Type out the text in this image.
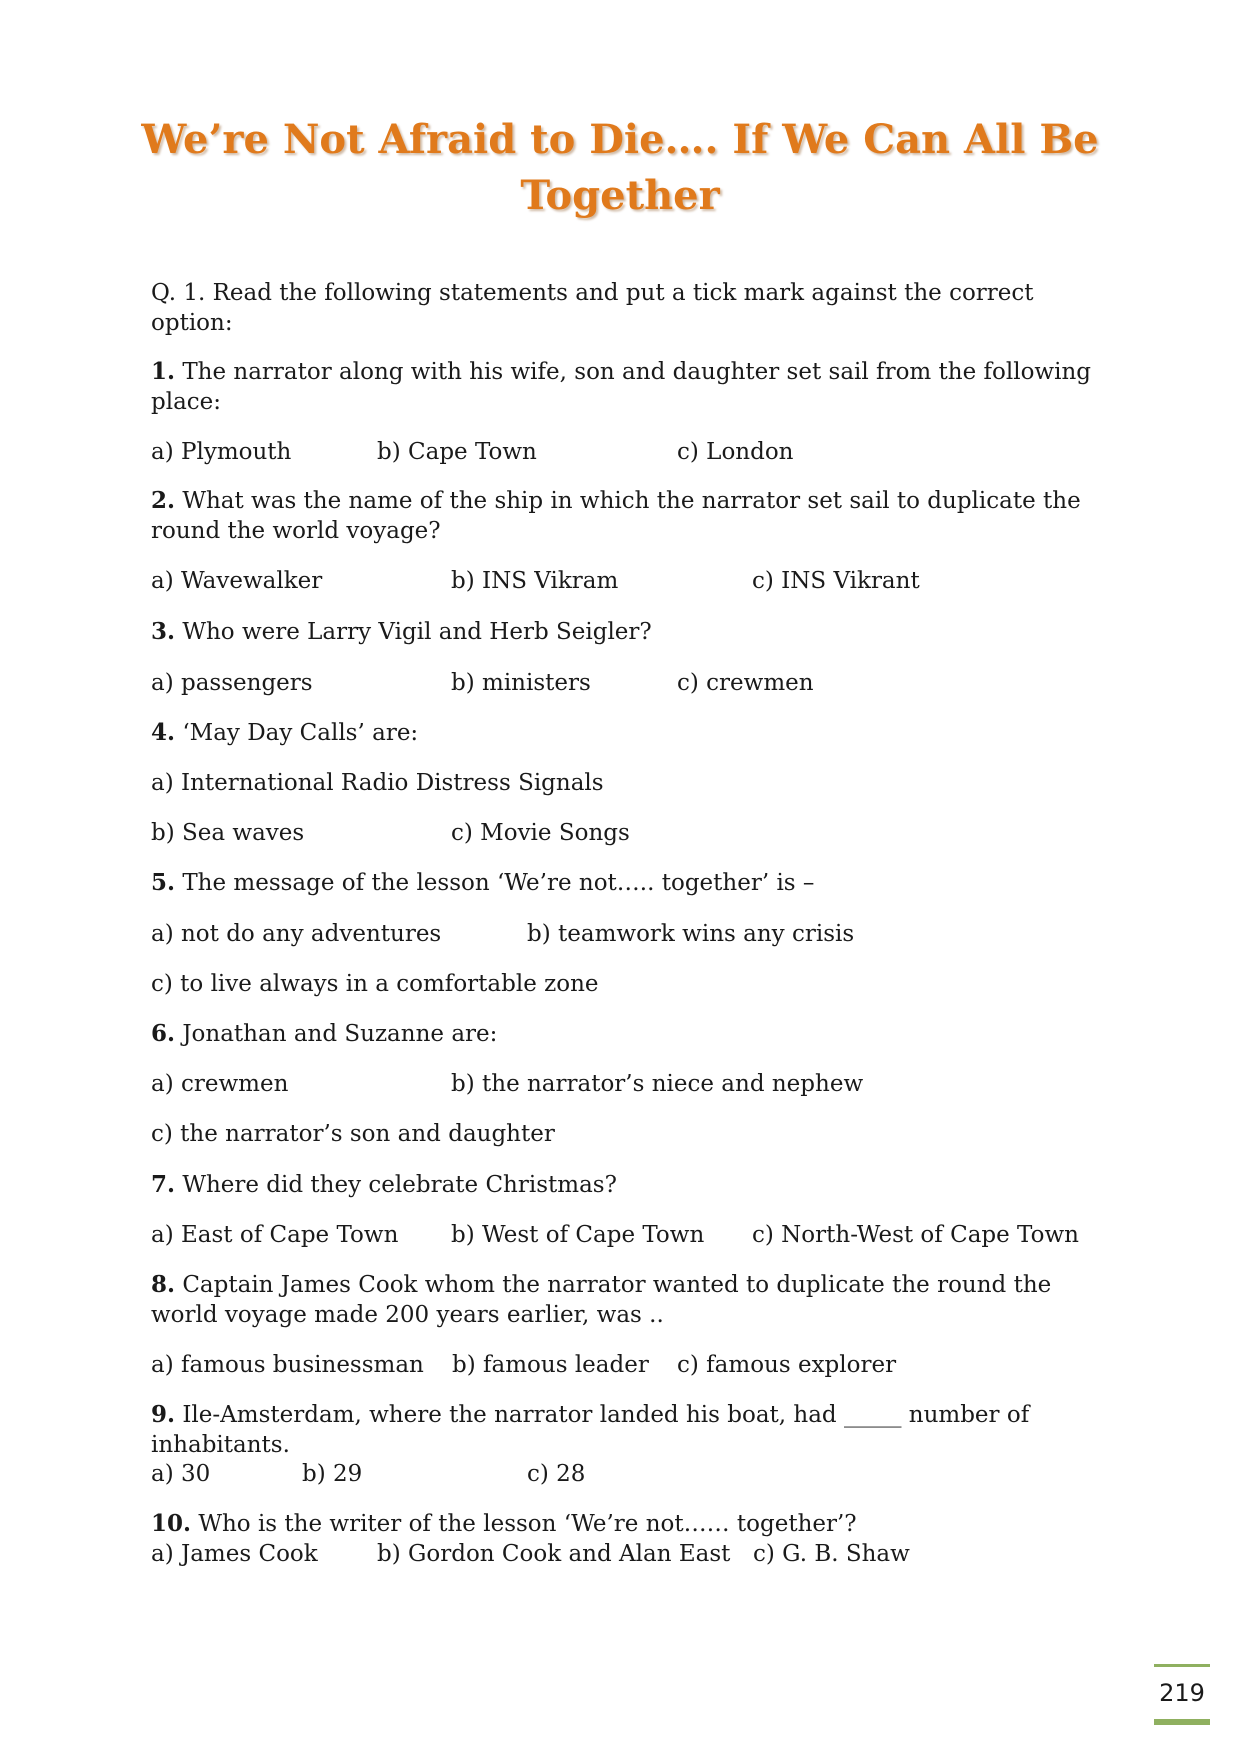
We’re Not Afraid to Die…. If We Can All Be Together
Q. 1. Read the following statements and put a tick mark against the correct option:
1. The narrator along with his wife, son and daughter set sail from the following place:
a) Plymouth	b) Cape Town	c) London
2. What was the name of the ship in which the narrator set sail to duplicate the round the world voyage?
a) Wavewalker	b) INS Vikram	c) INS Vikrant
3. Who were Larry Vigil and Herb Seigler?
a) passengers	b) ministers	c) crewmen
4. ‘May Day Calls’ are:
a) International Radio Distress Signals
b) Sea waves	c) Movie Songs
5. The message of the lesson ‘We’re not….. together’ is –
a) not do any adventures	b) teamwork wins any crisis
c) to live always in a comfortable zone
6. Jonathan and Suzanne are:
a) crewmen	b) the narrator’s niece and nephew
c) the narrator’s son and daughter
7. Where did they celebrate Christmas?
a) East of Cape Town b) West of Cape Town c) North-West of Cape Town
8. Captain James Cook whom the narrator wanted to duplicate the round the world voyage made 200 years earlier, was ..
a) famous businessman b) famous leader c) famous explorer
9. Ile-Amsterdam, where the narrator landed his boat, had _____ number of inhabitants.
a) 30	b) 29	c) 28
10. Who is the writer of the lesson ‘We’re not…… together’?
a) James Cook	b) Gordon Cook and Alan East c) G. B. Shaw
219
